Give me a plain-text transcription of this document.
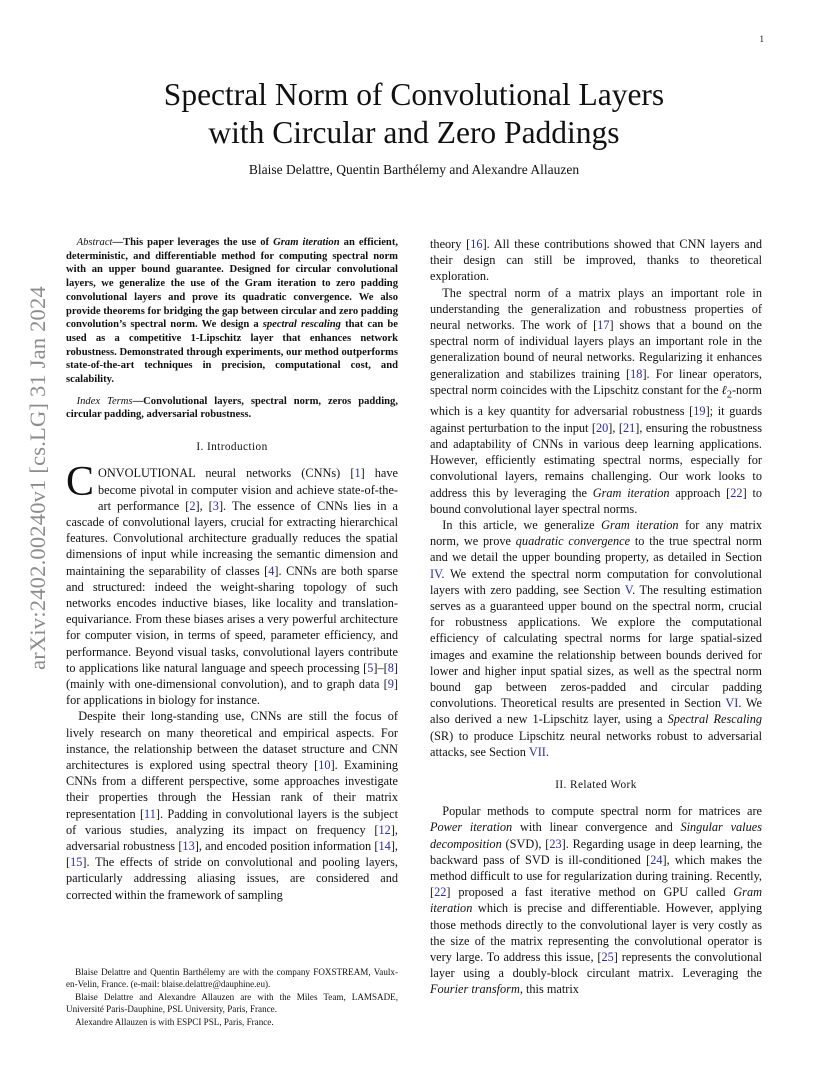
1
arXiv:2402.00240v1 [cs.LG] 31 Jan 2024
Spectral Norm of Convolutional Layers
with Circular and Zero Paddings

Blaise Delattre, Quentin Barthélemy and Alexandre Allauzen

Abstract—This paper leverages the use of Gram iteration an efficient, deterministic, and differentiable method for computing spectral norm with an upper bound guarantee. Designed for circular convolutional layers, we generalize the use of the Gram iteration to zero padding convolutional layers and prove its quadratic convergence. We also provide theorems for bridging the gap between circular and zero padding convolution’s spectral norm. We design a spectral rescaling that can be used as a competitive 1-Lipschitz layer that enhances network robustness. Demonstrated through experiments, our method outperforms state-of-the-art techniques in precision, computational cost, and scalability.

Index Terms—Convolutional layers, spectral norm, zeros padding, circular padding, adversarial robustness.

I. Introduction

CONVOLUTIONAL neural networks (CNNs) [1] have become pivotal in computer vision and achieve state-of-the-art performance [2], [3]. The essence of CNNs lies in a cascade of convolutional layers, crucial for extracting hierarchical features. Convolutional architecture gradually reduces the spatial dimensions of input while increasing the semantic dimension and maintaining the separability of classes [4]. CNNs are both sparse and structured: indeed the weight-sharing topology of such networks encodes inductive biases, like locality and translation-equivariance. From these biases arises a very powerful architecture for computer vision, in terms of speed, parameter efficiency, and performance. Beyond visual tasks, convolutional layers contribute to applications like natural language and speech processing [5]–[8] (mainly with one-dimensional convolution), and to graph data [9] for applications in biology for instance.

Despite their long-standing use, CNNs are still the focus of lively research on many theoretical and empirical aspects. For instance, the relationship between the dataset structure and CNN architectures is explored using spectral theory [10]. Examining CNNs from a different perspective, some approaches investigate their properties through the Hessian rank of their matrix representation [11]. Padding in convolutional layers is the subject of various studies, analyzing its impact on frequency [12], adversarial robustness [13], and encoded position information [14], [15]. The effects of stride on convolutional and pooling layers, particularly addressing aliasing issues, are considered and corrected within the framework of sampling

theory [16]. All these contributions showed that CNN layers and their design can still be improved, thanks to theoretical exploration.

The spectral norm of a matrix plays an important role in understanding the generalization and robustness properties of neural networks. The work of [17] shows that a bound on the spectral norm of individual layers plays an important role in the generalization bound of neural networks. Regularizing it enhances generalization and stabilizes training [18]. For linear operators, spectral norm coincides with the Lipschitz constant for the ℓ$_2$-norm which is a key quantity for adversarial robustness [19]; it guards against perturbation to the input [20], [21], ensuring the robustness and adaptability of CNNs in various deep learning applications. However, efficiently estimating spectral norms, especially for convolutional layers, remains challenging. Our work looks to address this by leveraging the Gram iteration approach [22] to bound convolutional layer spectral norms.

In this article, we generalize Gram iteration for any matrix norm, we prove quadratic convergence to the true spectral norm and we detail the upper bounding property, as detailed in Section IV. We extend the spectral norm computation for convolutional layers with zero padding, see Section V. The resulting estimation serves as a guaranteed upper bound on the spectral norm, crucial for robustness applications. We explore the computational efficiency of calculating spectral norms for large spatial-sized images and examine the relationship between bounds derived for lower and higher input spatial sizes, as well as the spectral norm bound gap between zeros-padded and circular padding convolutions. Theoretical results are presented in Section VI. We also derived a new 1-Lipschitz layer, using a Spectral Rescaling (SR) to produce Lipschitz neural networks robust to adversarial attacks, see Section VII.

II. Related Work

Popular methods to compute spectral norm for matrices are Power iteration with linear convergence and Singular values decomposition (SVD), [23]. Regarding usage in deep learning, the backward pass of SVD is ill-conditioned [24], which makes the method difficult to use for regularization during training. Recently, [22] proposed a fast iterative method on GPU called Gram iteration which is precise and differentiable. However, applying those methods directly to the convolutional layer is very costly as the size of the matrix representing the convolutional operator is very large. To address this issue, [25] represents the convolutional layer using a doubly-block circulant matrix. Leveraging the Fourier transform, this matrix

Blaise Delattre and Quentin Barthélemy are with the company FOXSTREAM, Vaulx-en-Velin, France. (e-mail: blaise.delattre@dauphine.eu).

Blaise Delattre and Alexandre Allauzen are with the Miles Team, LAMSADE, Université Paris-Dauphine, PSL University, Paris, France.

Alexandre Allauzen is with ESPCI PSL, Paris, France.
